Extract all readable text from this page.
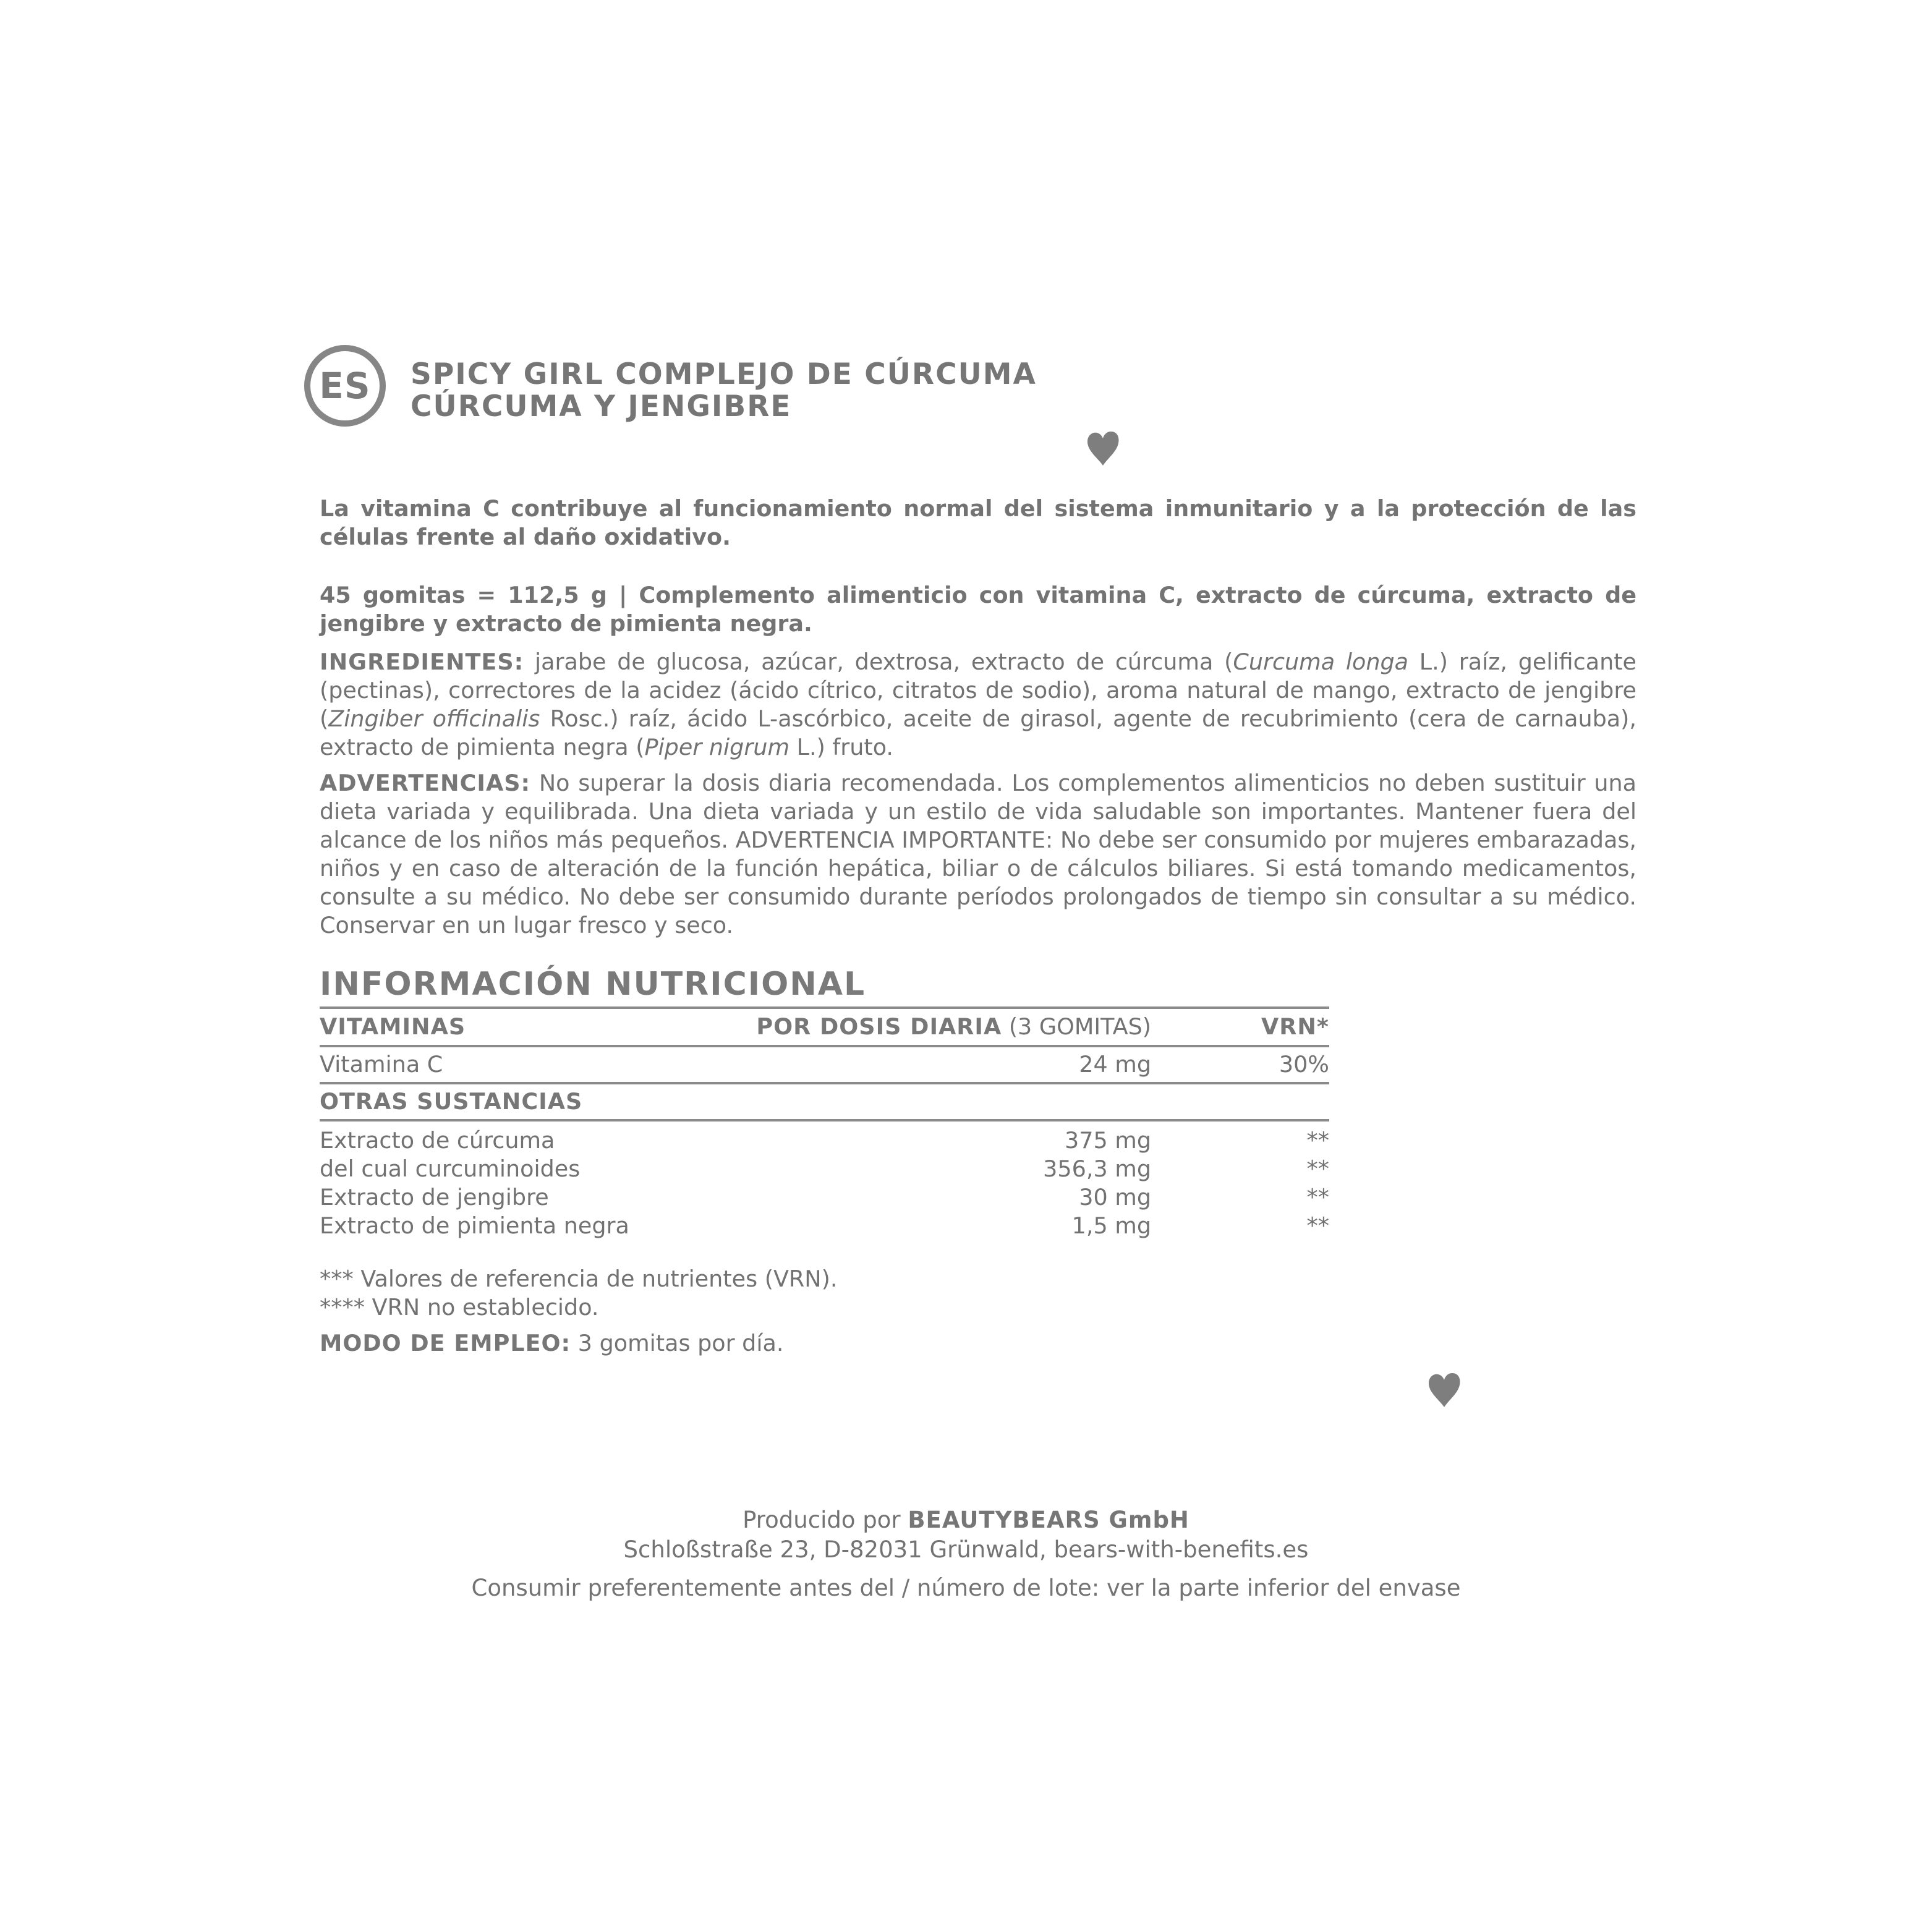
ES	SPICY GIRL COMPLEJO DE CÚRCUMA
CÚRCUMA Y JENGIBRE
La vitamina C contribuye al funcionamiento normal del sistema inmunitario y a la protección de las células frente al daño oxidativo.
45 gomitas = 112,5 g | Complemento alimenticio con vitamina C, extracto de cúrcuma, extracto de jengibre y extracto de pimienta negra.
INGREDIENTES: jarabe de glucosa, azúcar, dextrosa, extracto de cúrcuma (Curcuma longa L.) raíz, gelificante (pectinas), correctores de la acidez (ácido cítrico, citratos de sodio), aroma natural de mango, extracto de jengibre (Zingiber officinalis Rosc.) raíz, ácido L-ascórbico, aceite de girasol, agente de recubrimiento (cera de carnauba), extracto de pimienta negra (Piper nigrum L.) fruto.
ADVERTENCIAS: No superar la dosis diaria recomendada. Los complementos alimenticios no deben sustituir una dieta variada y equilibrada. Una dieta variada y un estilo de vida saludable son importantes. Mantener fuera del alcance de los niños más pequeños. ADVERTENCIA IMPORTANTE: No debe ser consumido por mujeres embarazadas, niños y en caso de alteración de la función hepática, biliar o de cálculos biliares. Si está tomando medicamentos, consulte a su médico. No debe ser consumido durante períodos prolongados de tiempo sin consultar a su médico. Conservar en un lugar fresco y seco.
INFORMACIÓN NUTRICIONAL
VITAMINAS	POR DOSIS DIARIA (3 GOMITAS)	VRN*
Vitamina C	24 mg	30%
OTRAS SUSTANCIAS
Extracto de cúrcuma	375 mg	**
del cual curcuminoides	356,3 mg	**
Extracto de jengibre	30 mg	**
Extracto de pimienta negra	1,5 mg	**
*** Valores de referencia de nutrientes (VRN).
**** VRN no establecido.
MODO DE EMPLEO: 3 gomitas por día.
Producido por BEAUTYBEARS GmbH
Schloßstraße 23, D-82031 Grünwald, bears-with-benefits.es
Consumir preferentemente antes del / número de lote: ver la parte inferior del envase
